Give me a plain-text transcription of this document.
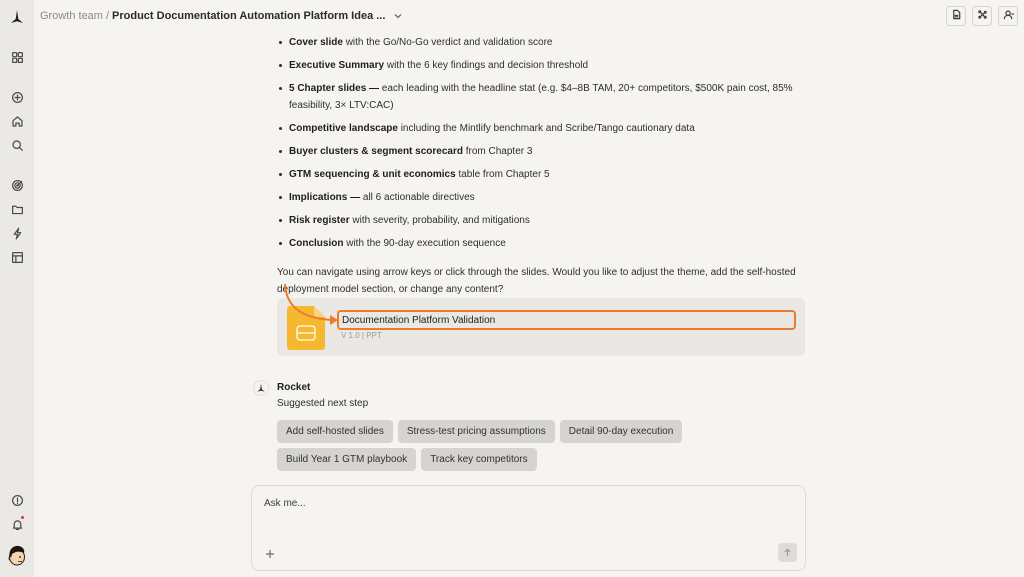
Growth team / Product Documentation Automation Platform Idea ...
Cover slide with the Go/No-Go verdict and validation score
Executive Summary with the 6 key findings and decision threshold
5 Chapter slides — each leading with the headline stat (e.g. $4–8B TAM, 20+ competitors, $500K pain cost, 85% feasibility, 3× LTV:CAC)
Competitive landscape including the Mintlify benchmark and Scribe/Tango cautionary data
Buyer clusters & segment scorecard from Chapter 3
GTM sequencing & unit economics table from Chapter 5
Implications — all 6 actionable directives
Risk register with severity, probability, and mitigations
Conclusion with the 90-day execution sequence

You can navigate using arrow keys or click through the slides. Would you like to adjust the theme, add the self-hosted deployment model section, or change any content?

Documentation Platform Validation
V 1.0 | PPT
Rocket
Suggested next step
Add self-hosted slides	Stress-test pricing assumptions	Detail 90-day execution
Build Year 1 GTM playbook	Track key competitors
Ask me...
